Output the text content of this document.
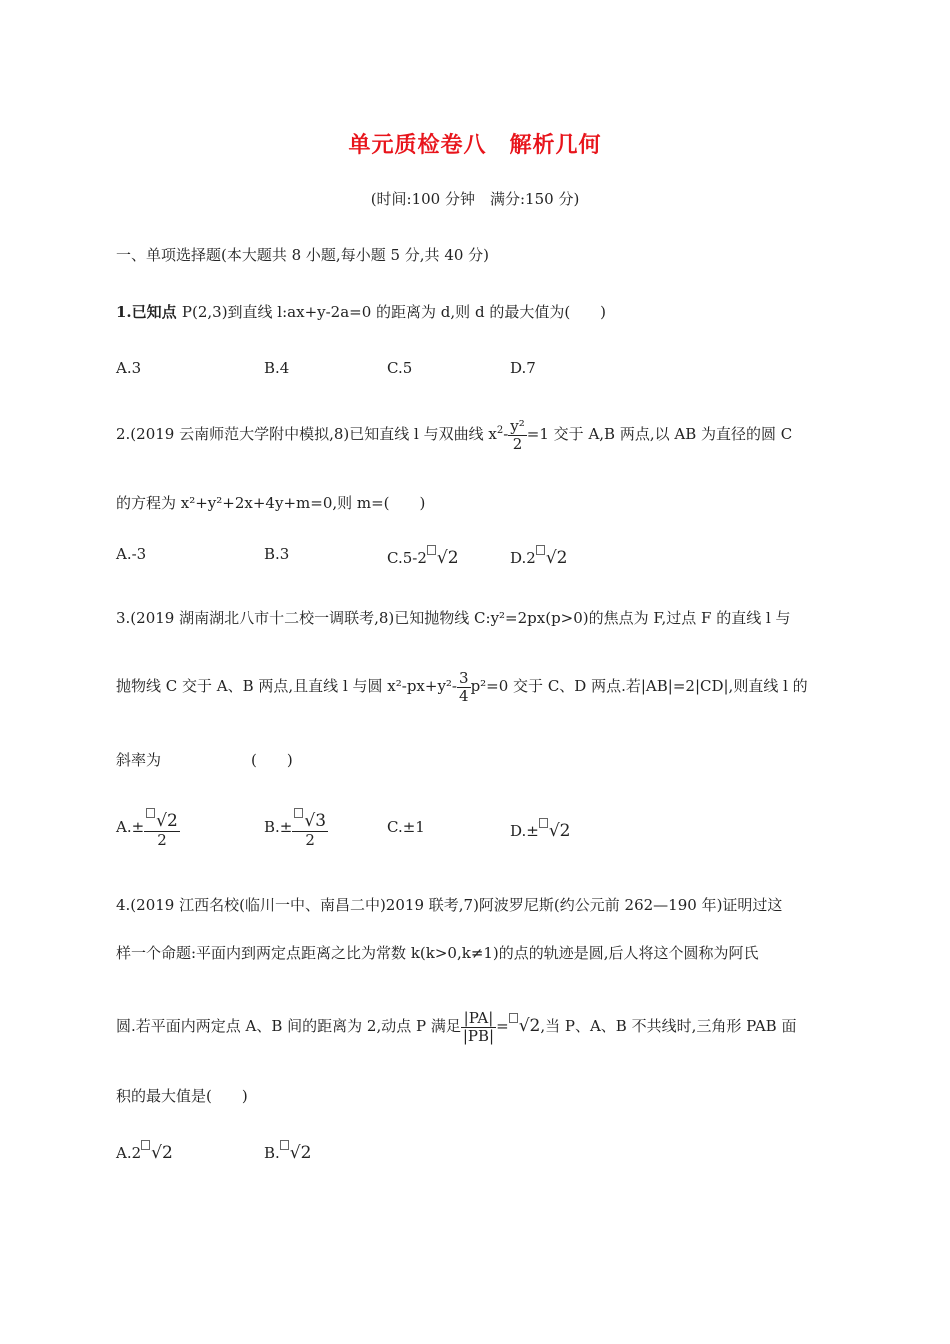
单元质检卷八　解析几何
(时间:100 分钟　满分:150 分)
一、单项选择题(本大题共 8 小题,每小题 5 分,共 40 分)
1.已知点 P(2,3)到直线 l:ax+y-2a=0 的距离为 d,则 d 的最大值为(　　)
A.3	B.4	C.5	D.7
2.(2019 云南师范大学附中模拟,8)已知直线 l 与双曲线 $x^2- \frac{\text{y²}}{2} =1$ 交于 A,B 两点,以 AB 为直径的圆 C
的方程为 x²+y²+2x+4y+m=0,则 m=(　　)
A.-3	B.3	C.5-2 √2	D.2 √2
3.(2019 湖南湖北八市十二校一调联考,8)已知抛物线 C:y²=2px(p>0)的焦点为 F,过点 F 的直线 l 与
抛物线 C 交于 A、B 两点,且直线 l 与圆 $x^2-px+y^2- \frac{3}{4} p^2=0$ 交于 C、D 两点.若|AB|=2|CD|,则直线 l 的
斜率为　　　　　　(　　)
$A.\pm \frac{√2}{2}$	$B.\pm \frac{√3}{2}$	C.±1	D.± √2
4.(2019 江西名校(临川一中、南昌二中)2019 联考,7)阿波罗尼斯(约公元前 262—190 年)证明过这
样一个命题:平面内到两定点距离之比为常数 k(k>0,k≠1)的点的轨迹是圆,后人将这个圆称为阿氏
圆.若平面内两定点 A、B 间的距离为 2,动点 P 满足 $\frac{|PA|}{|PB|} = √2$,当 P、A、B 不共线时,三角形 PAB 面
积的最大值是(　　)
A.2 √2	B. √2
